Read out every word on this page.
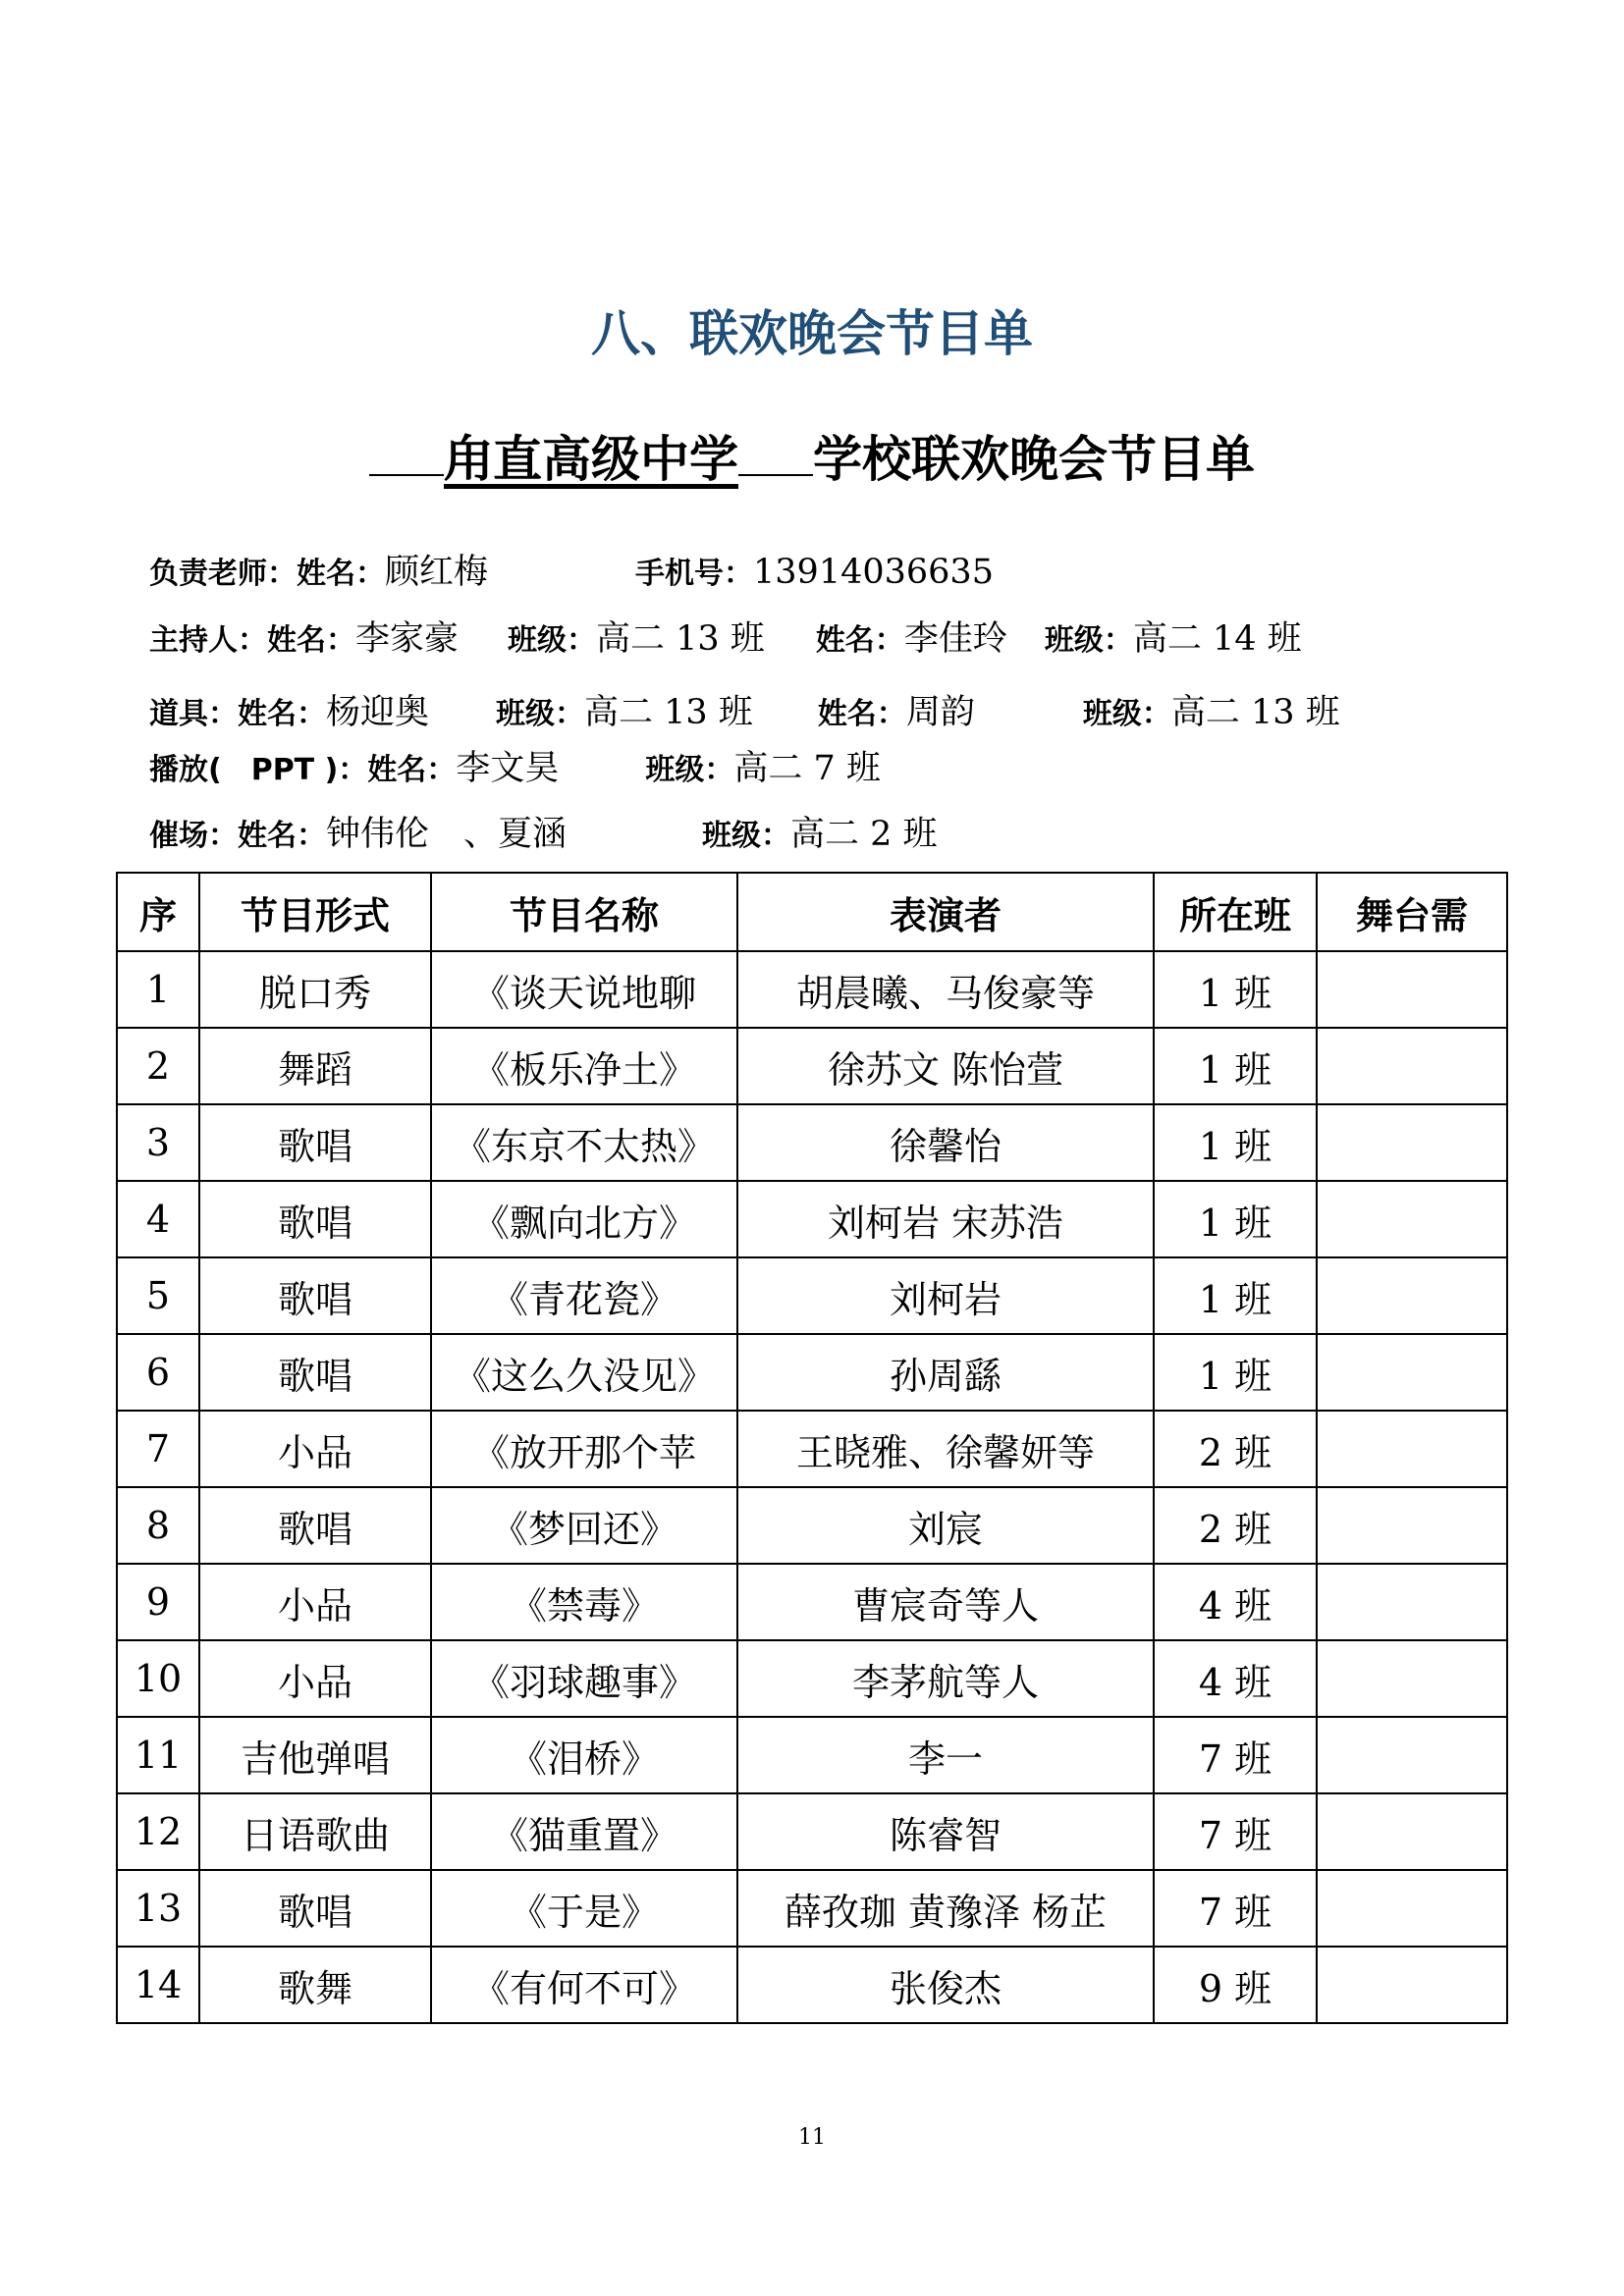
八、联欢晚会节目单
甪直高级中学 学校联欢晚会节目单
负责老师：姓名：顾红梅	手机号：13914036635
主持人：姓名：李家豪 班级：高二 13 班 姓名：李佳玲 班级：高二 14 班
道具：姓名：杨迎奥 班级：高二 13 班 姓名：周韵	班级：高二 13 班
播放(　PPT )：姓名：李文昊	班级：高二 7 班
催场：姓名：钟伟伦　、夏涵	班级：高二 2 班
序	节目形式	节目名称	表演者	所在班	舞台需
1	脱口秀	《谈天说地聊	胡晨曦、马俊豪等	1 班	
2	舞蹈	《板乐净土》	徐苏文 陈怡萱	1 班	
3	歌唱	《东京不太热》	徐馨怡	1 班	
4	歌唱	《飘向北方》	刘柯岩 宋苏浩	1 班	
5	歌唱	《青花瓷》	刘柯岩	1 班	
6	歌唱	《这么久没见》	孙周繇	1 班	
7	小品	《放开那个苹	王晓雅、徐馨妍等	2 班	
8	歌唱	《梦回还》	刘宸	2 班	
9	小品	《禁毒》	曹宸奇等人	4 班	
10	小品	《羽球趣事》	李茅航等人	4 班	
11	吉他弹唱	《泪桥》	李一	7 班	
12	日语歌曲	《猫重置》	陈睿智	7 班	
13	歌唱	《于是》	薛孜珈 黄豫泽 杨芷	7 班	
14	歌舞	《有何不可》	张俊杰	9 班	
11
